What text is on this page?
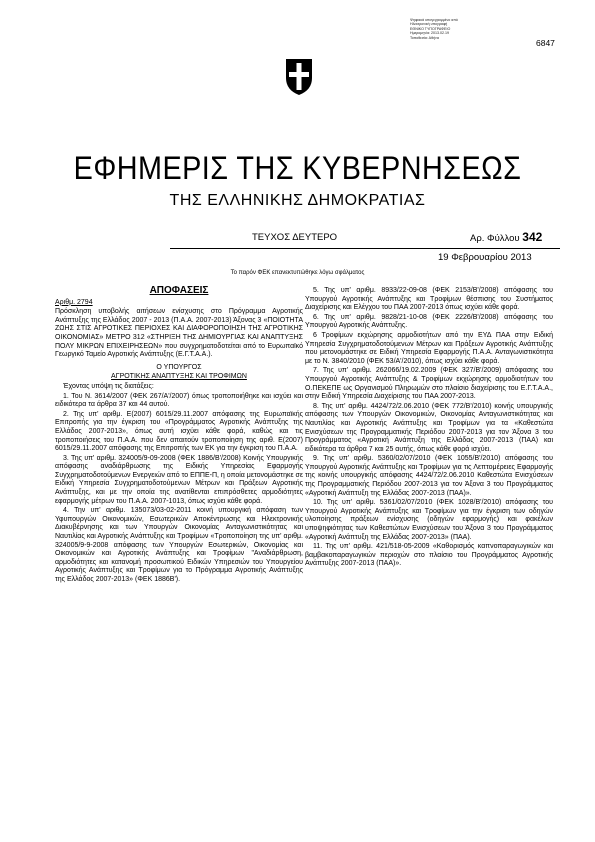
Ψηφιακά υπογεγραμμένο από
Ηλεκτρονική υπογραφή
ΕΘΝΙΚΟ ΤΥΠΟΓΡΑΦΕΙΟ
Ημερομηνία: 2013.02.19
Τοποθεσία: Αθήνα
6847
ΕΦΗΜΕΡΙΣ ΤΗΣ ΚΥΒΕΡΝΗΣΕΩΣ
ΤΗΣ ΕΛΛΗΝΙΚΗΣ ΔΗΜΟΚΡΑΤΙΑΣ
ΤΕΥΧΟΣ ΔΕΥΤΕΡΟ	Αρ. Φύλλου 342
19 Φεβρουαρίου 2013
Το παρόν ΦΕΚ επανεκτυπώθηκε λόγω σφάλματος

ΑΠΟΦΑΣΕΙΣ

Αριθμ. 2794

Πρόσκληση υποβολής αιτήσεων ενίσχυσης στο Πρόγραμμα Αγροτικής Ανάπτυξης της Ελλάδος 2007 - 2013 (Π.Α.Α. 2007-2013) Άξονας 3 «ΠΟΙΟΤΗΤΑ ΖΩΗΣ ΣΤΙΣ ΑΓΡΟΤΙΚΕΣ ΠΕΡΙΟΧΕΣ ΚΑΙ ΔΙΑΦΟΡΟΠΟΙΗΣΗ ΤΗΣ ΑΓΡΟΤΙΚΗΣ ΟΙΚΟΝΟΜΙΑΣ» ΜΕΤΡΟ 312 «ΣΤΗΡΙΞΗ ΤΗΣ ΔΗΜΙΟΥΡΓΙΑΣ ΚΑΙ ΑΝΑΠΤΥΞΗΣ ΠΟΛΥ ΜΙΚΡΩΝ ΕΠΙΧΕΙΡΗΣΕΩΝ» που συγχρηματοδοτείται από το Ευρωπαϊκό Γεωργικό Ταμείο Αγροτικής Ανάπτυξης (Ε.Γ.Τ.Α.Α.).

Ο ΥΠΟΥΡΓΟΣ

ΑΓΡΟΤΙΚΗΣ ΑΝΑΠΤΥΞΗΣ ΚΑΙ ΤΡΟΦΙΜΩΝ

Έχοντας υπόψη τις διατάξεις:

1. Του Ν. 3614/2007 (ΦΕΚ 267/Α'/2007) όπως τροποποιήθηκε και ισχύει και ειδικότερα τα άρθρα 37 και 44 αυτού.

2. Της υπ' αριθμ. Ε(2007) 6015/29.11.2007 απόφασης της Ευρωπαϊκής Επιτροπής για την έγκριση του «Προγράμματος Αγροτικής Ανάπτυξης της Ελλάδος 2007-2013», όπως αυτή ισχύει κάθε φορά, καθώς και τις τροποποιήσεις του Π.Α.Α. που δεν απαιτούν τροποποίηση της αριθ. Ε(2007) 6015/29.11.2007 απόφασης της Επιτροπής των ΕΚ για την έγκριση του Π.Α.Α.

3. Της υπ' αριθμ. 324005/9-09-2008 (ΦΕΚ 1886/Β'/2008) Κοινής Υπουργικής απόφασης αναδιάρθρωσης της Ειδικής Υπηρεσίας Εφαρμογής Συγχρηματοδοτούμενων Ενεργειών από το ΕΠΠΕ-Π, η οποία μετονομάστηκε σε Ειδική Υπηρεσία Συγχρηματοδοτούμενων Μέτρων και Πράξεων Αγροτικής Ανάπτυξης, και με την οποία της ανατίθενται επιπρόσθετες αρμοδιότητες εφαρμογής μέτρων του Π.Α.Α. 2007-1013, όπως ισχύει κάθε φορά.

4. Την υπ' αριθμ. 135073/03-02-2011 κοινή υπουργική απόφαση των Υφυπουργών Οικονομικών, Εσωτερικών Αποκέντρωσης και Ηλεκτρονικής Διακυβέρνησης και των Υπουργών Οικονομίας Ανταγωνιστικότητας και Ναυτιλίας και Αγροτικής Ανάπτυξης και Τροφίμων «Τροποποίηση της υπ' αριθμ. 324005/9-9-2008 απόφασης των Υπουργών Εσωτερικών, Οικονομίας και Οικονομικών και Αγροτικής Ανάπτυξης και Τροφίμων "Αναδιάρθρωση, αρμοδιότητες και κατανομή προσωπικού Ειδικών Υπηρεσιών του Υπουργείου Αγροτικής Ανάπτυξης και Τροφίμων για το Πρόγραμμα Αγροτικής Ανάπτυξης της Ελλάδος 2007-2013» (ΦΕΚ 1886Β').

5. Της υπ' αριθμ. 8933/22-09-08 (ΦΕΚ 2153/Β'/2008) απόφασης του Υπουργού Αγροτικής Ανάπτυξης και Τροφίμων θέσπισης του Συστήματος Διαχείρισης και Ελέγχου του ΠΑΑ 2007-2013 όπως ισχύει κάθε φορά.

6. Της υπ' αριθμ. 9828/21-10-08 (ΦΕΚ 2226/Β'/2008) απόφασης του Υπουργού Αγροτικής Ανάπτυξης.

6 Τροφίμων εκχώρησης αρμοδιοτήτων από την ΕΥΔ ΠΑΑ στην Ειδική Υπηρεσία Συγχρηματοδοτούμενων Μέτρων και Πράξεων Αγροτικής Ανάπτυξης που μετονομάστηκε σε Ειδική Υπηρεσία Εφαρμογής Π.Α.Α. Ανταγωνιστικότητα με το Ν. 3840/2010 (ΦΕΚ 53/Α'/2010), όπως ισχύει κάθε φορά.

7. Της υπ' αριθμ. 262066/19.02.2009 (ΦΕΚ 327/Β'/2009) απόφασης του Υπουργού Αγροτικής Ανάπτυξης & Τροφίμων εκχώρησης αρμοδιοτήτων του Ο.ΠΕΚΕΠΕ ως Οργανισμού Πληρωμών στο πλαίσιο διαχείρισης του Ε.Γ.Τ.Α.Α., στην Ειδική Υπηρεσία Διαχείρισης του ΠΑΑ 2007-2013.

8. Της υπ' αριθμ. 4424/72/2.06.2010 (ΦΕΚ 772/Β'/2010) κοινής υπουργικής απόφασης των Υπουργών Οικονομικών, Οικονομίας Ανταγωνιστικότητας και Ναυτιλίας και Αγροτικής Ανάπτυξης και Τροφίμων για τα «Καθεστώτα Ενισχύσεων της Προγραμματικής Περιόδου 2007-2013 για τον Άξονα 3 του Προγράμματος «Αγροτική Ανάπτυξη της Ελλάδας 2007-2013 (ΠΑΑ) και ειδικότερα τα άρθρα 7 και 25 αυτής, όπως κάθε φορά ισχύει.

9. Της υπ' αριθμ. 5360/02/07/2010 (ΦΕΚ 1055/Β'/2010) απόφασης του Υπουργού Αγροτικής Ανάπτυξης και Τροφίμων για τις Λεπτομέρειες Εφαρμογής της κοινής υπουργικής απόφασης 4424/72/2.06.2010 Καθεστώτα Ενισχύσεων της Προγραμματικής Περιόδου 2007-2013 για τον Άξονα 3 του Προγράμματος «Αγροτική Ανάπτυξη της Ελλάδας 2007-2013 (ΠΑΑ)».

10. Της υπ' αριθμ. 5361/02/07/2010 (ΦΕΚ 1028/Β'/2010) απόφασης του Υπουργού Αγροτικής Ανάπτυξης και Τροφίμων για την έγκριση των οδηγών υλοποίησης πράξεων ενίσχυσης (οδηγών εφαρμογής) και φακέλων υποψηφιότητας των Καθεστώτων Ενισχύσεων του Άξονα 3 του Προγράμματος «Αγροτική Ανάπτυξη της Ελλάδας 2007-2013» (ΠΑΑ).

11. Της υπ' αριθμ. 421/518-05-2009 «Καθορισμός καπνοπαραγωγικών και βαμβακοπαραγωγικών περιοχών στο πλαίσιο του Προγράμματος Αγροτικής Ανάπτυξης 2007-2013 (ΠΑΑ)».
